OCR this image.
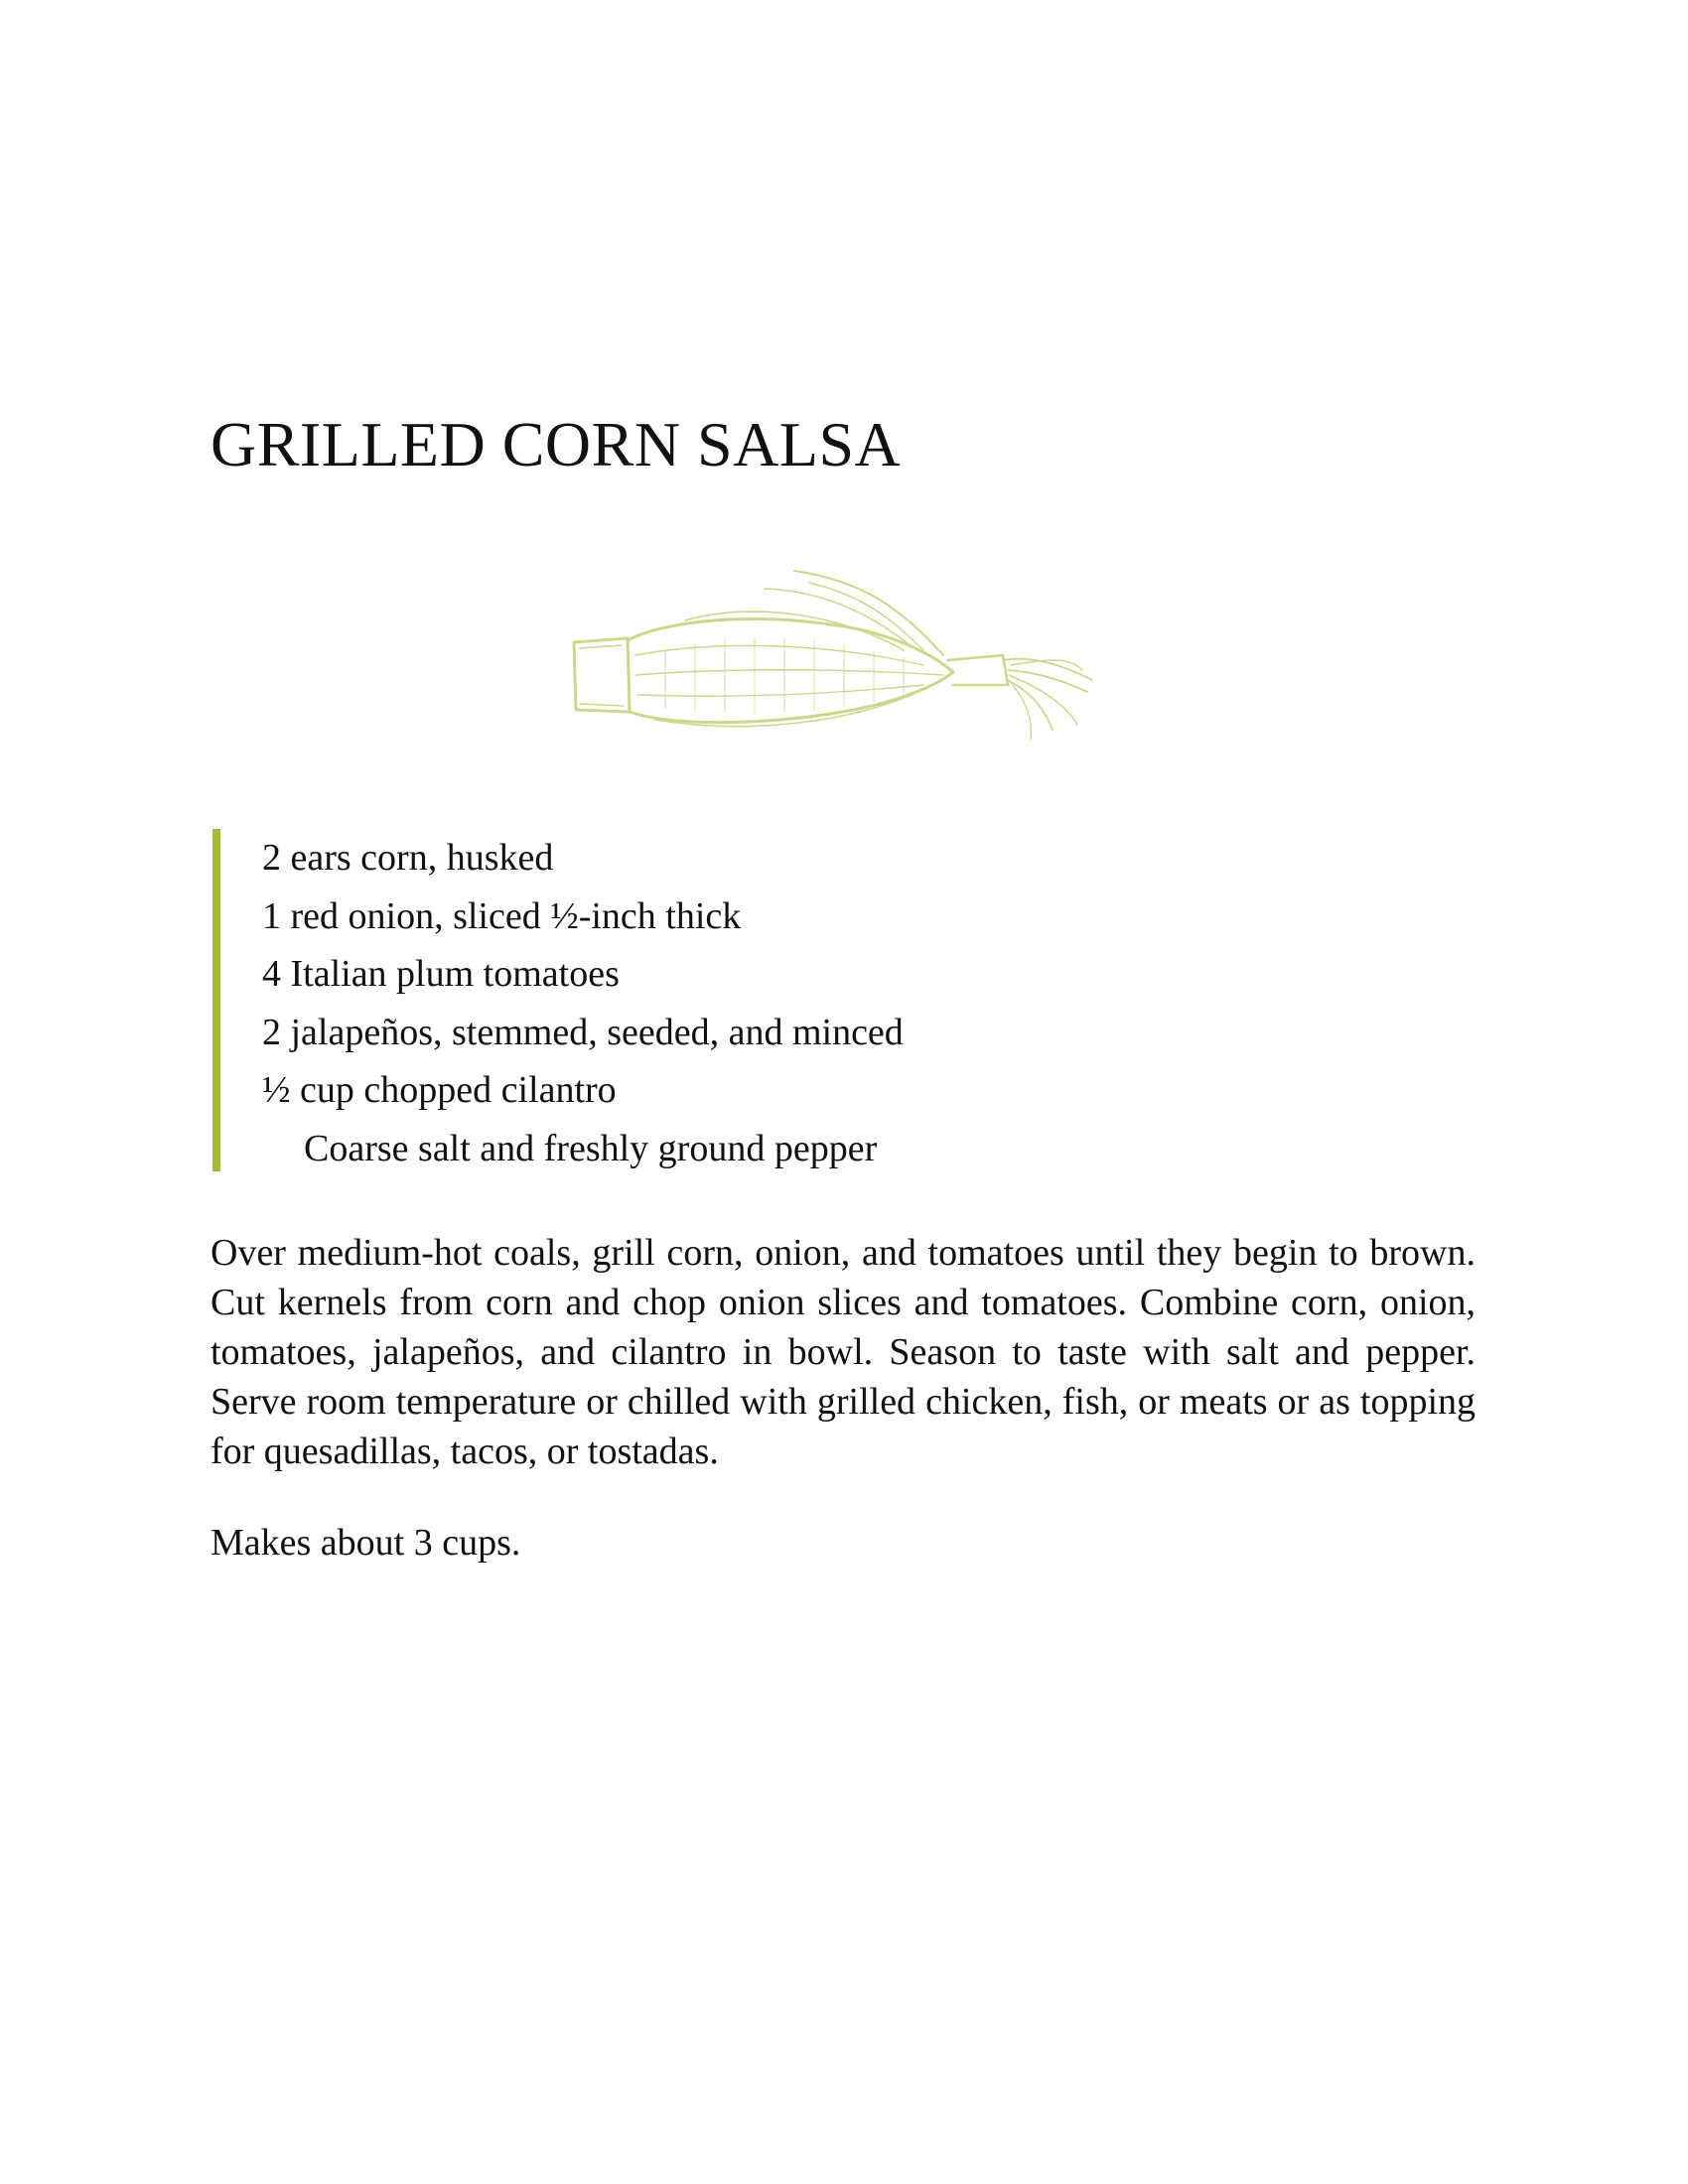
GRILLED CORN SALSA
2 ears corn, husked
1 red onion, sliced ½-inch thick
4 Italian plum tomatoes
2 jalapeños, stemmed, seeded, and minced
½ cup chopped cilantro
Coarse salt and freshly ground pepper

Over medium-hot coals, grill corn, onion, and tomatoes until they begin to brown. Cut kernels from corn and chop onion slices and tomatoes. Combine corn, onion, tomatoes, jalapeños, and cilantro in bowl. Season to taste with salt and pepper. Serve room temperature or chilled with grilled chicken, fish, or meats or as topping for quesadillas, tacos, or tostadas.

Makes about 3 cups.
